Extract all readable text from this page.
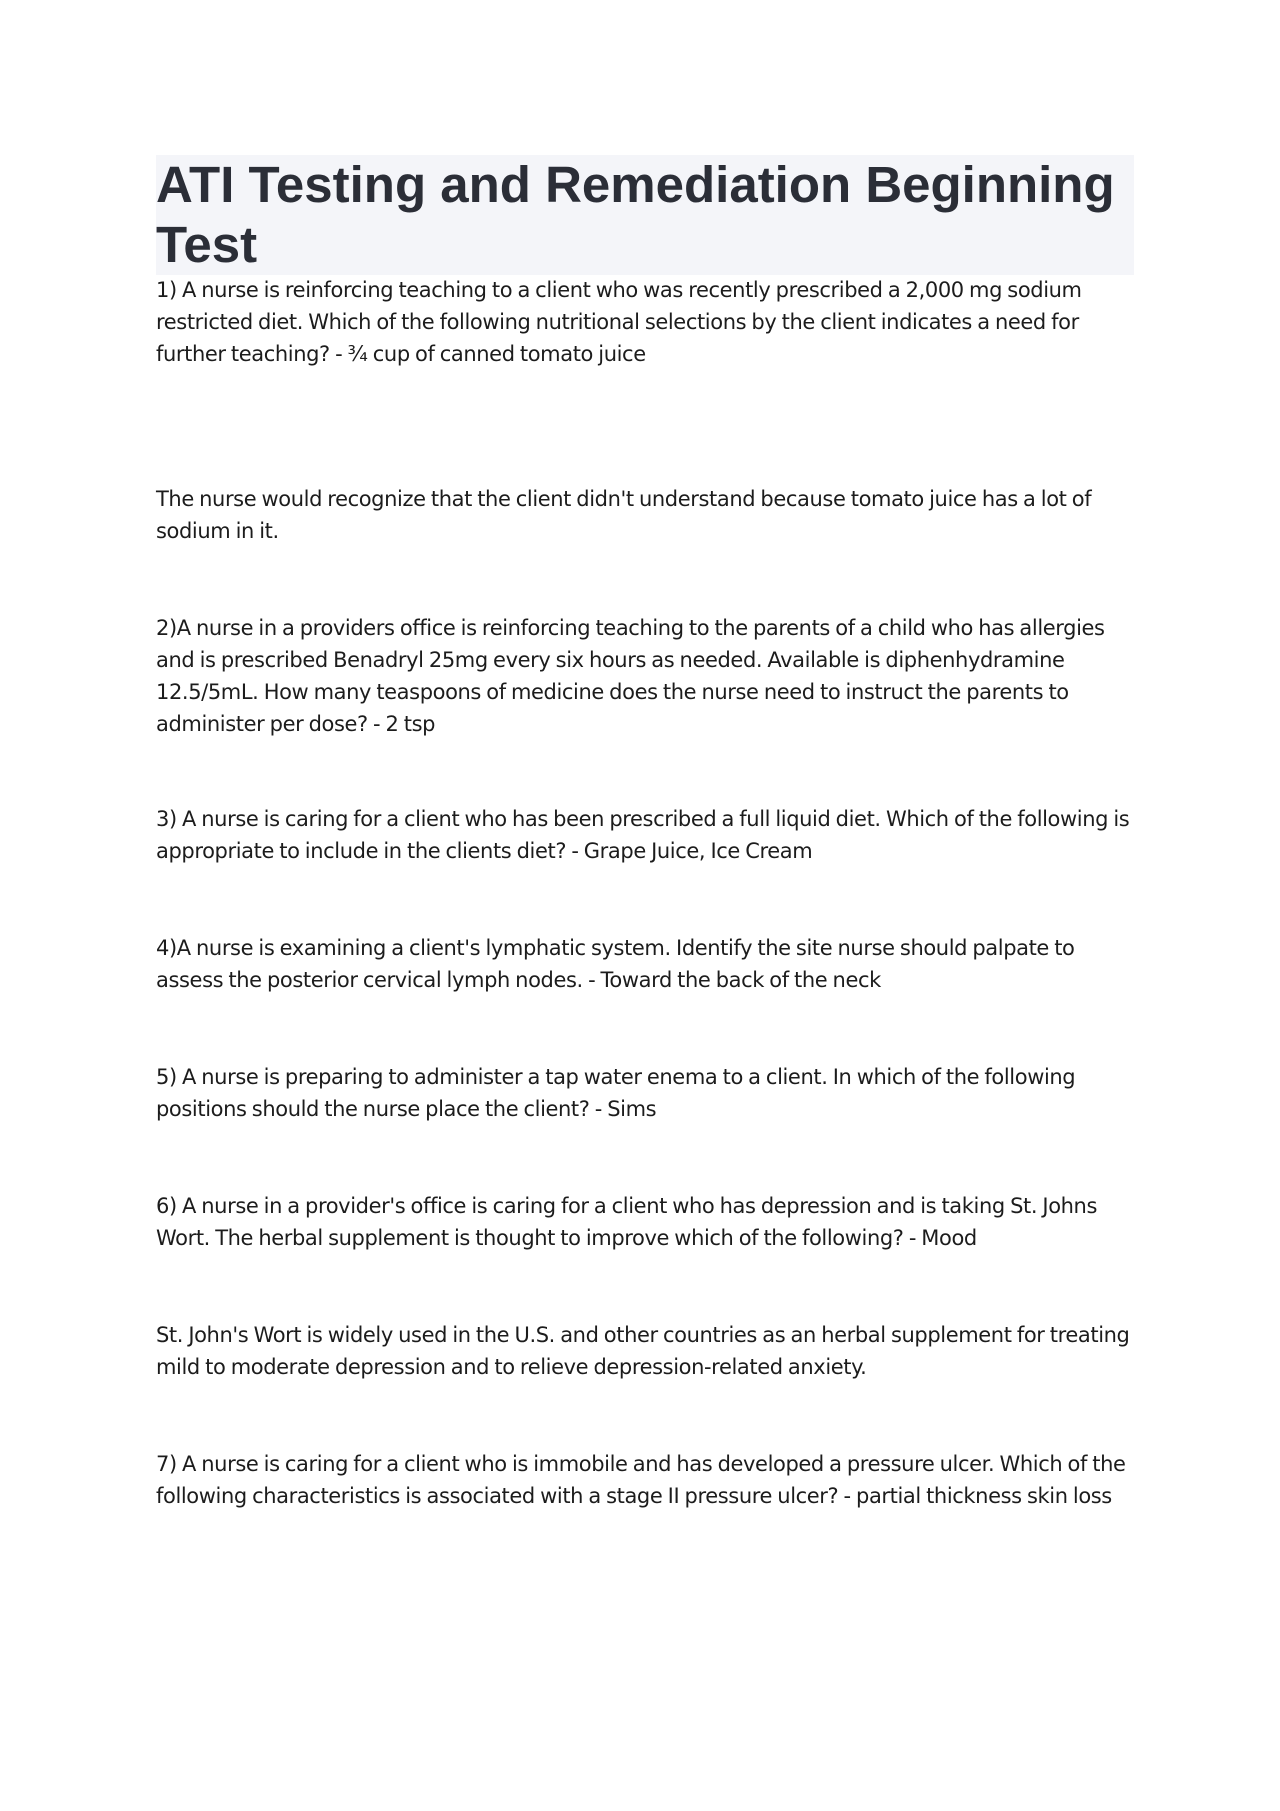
ATI Testing and Remediation Beginning Test

1) A nurse is reinforcing teaching to a client who was recently prescribed a 2,000 mg sodium restricted diet. Which of the following nutritional selections by the client indicates a need for further teaching? - ¾ cup of canned tomato juice

The nurse would recognize that the client didn't understand because tomato juice has a lot of sodium in it.

2)A nurse in a providers office is reinforcing teaching to the parents of a child who has allergies and is prescribed Benadryl 25mg every six hours as needed. Available is diphenhydramine 12.5/5mL. How many teaspoons of medicine does the nurse need to instruct the parents to administer per dose? - 2 tsp

3) A nurse is caring for a client who has been prescribed a full liquid diet. Which of the following is appropriate to include in the clients diet? - Grape Juice, Ice Cream

4)A nurse is examining a client's lymphatic system. Identify the site nurse should palpate to assess the posterior cervical lymph nodes. - Toward the back of the neck

5) A nurse is preparing to administer a tap water enema to a client. In which of the following positions should the nurse place the client? - Sims

6) A nurse in a provider's office is caring for a client who has depression and is taking St. Johns Wort. The herbal supplement is thought to improve which of the following? - Mood

St. John's Wort is widely used in the U.S. and other countries as an herbal supplement for treating mild to moderate depression and to relieve depression-related anxiety.

7) A nurse is caring for a client who is immobile and has developed a pressure ulcer. Which of the following characteristics is associated with a stage II pressure ulcer? - partial thickness skin loss
